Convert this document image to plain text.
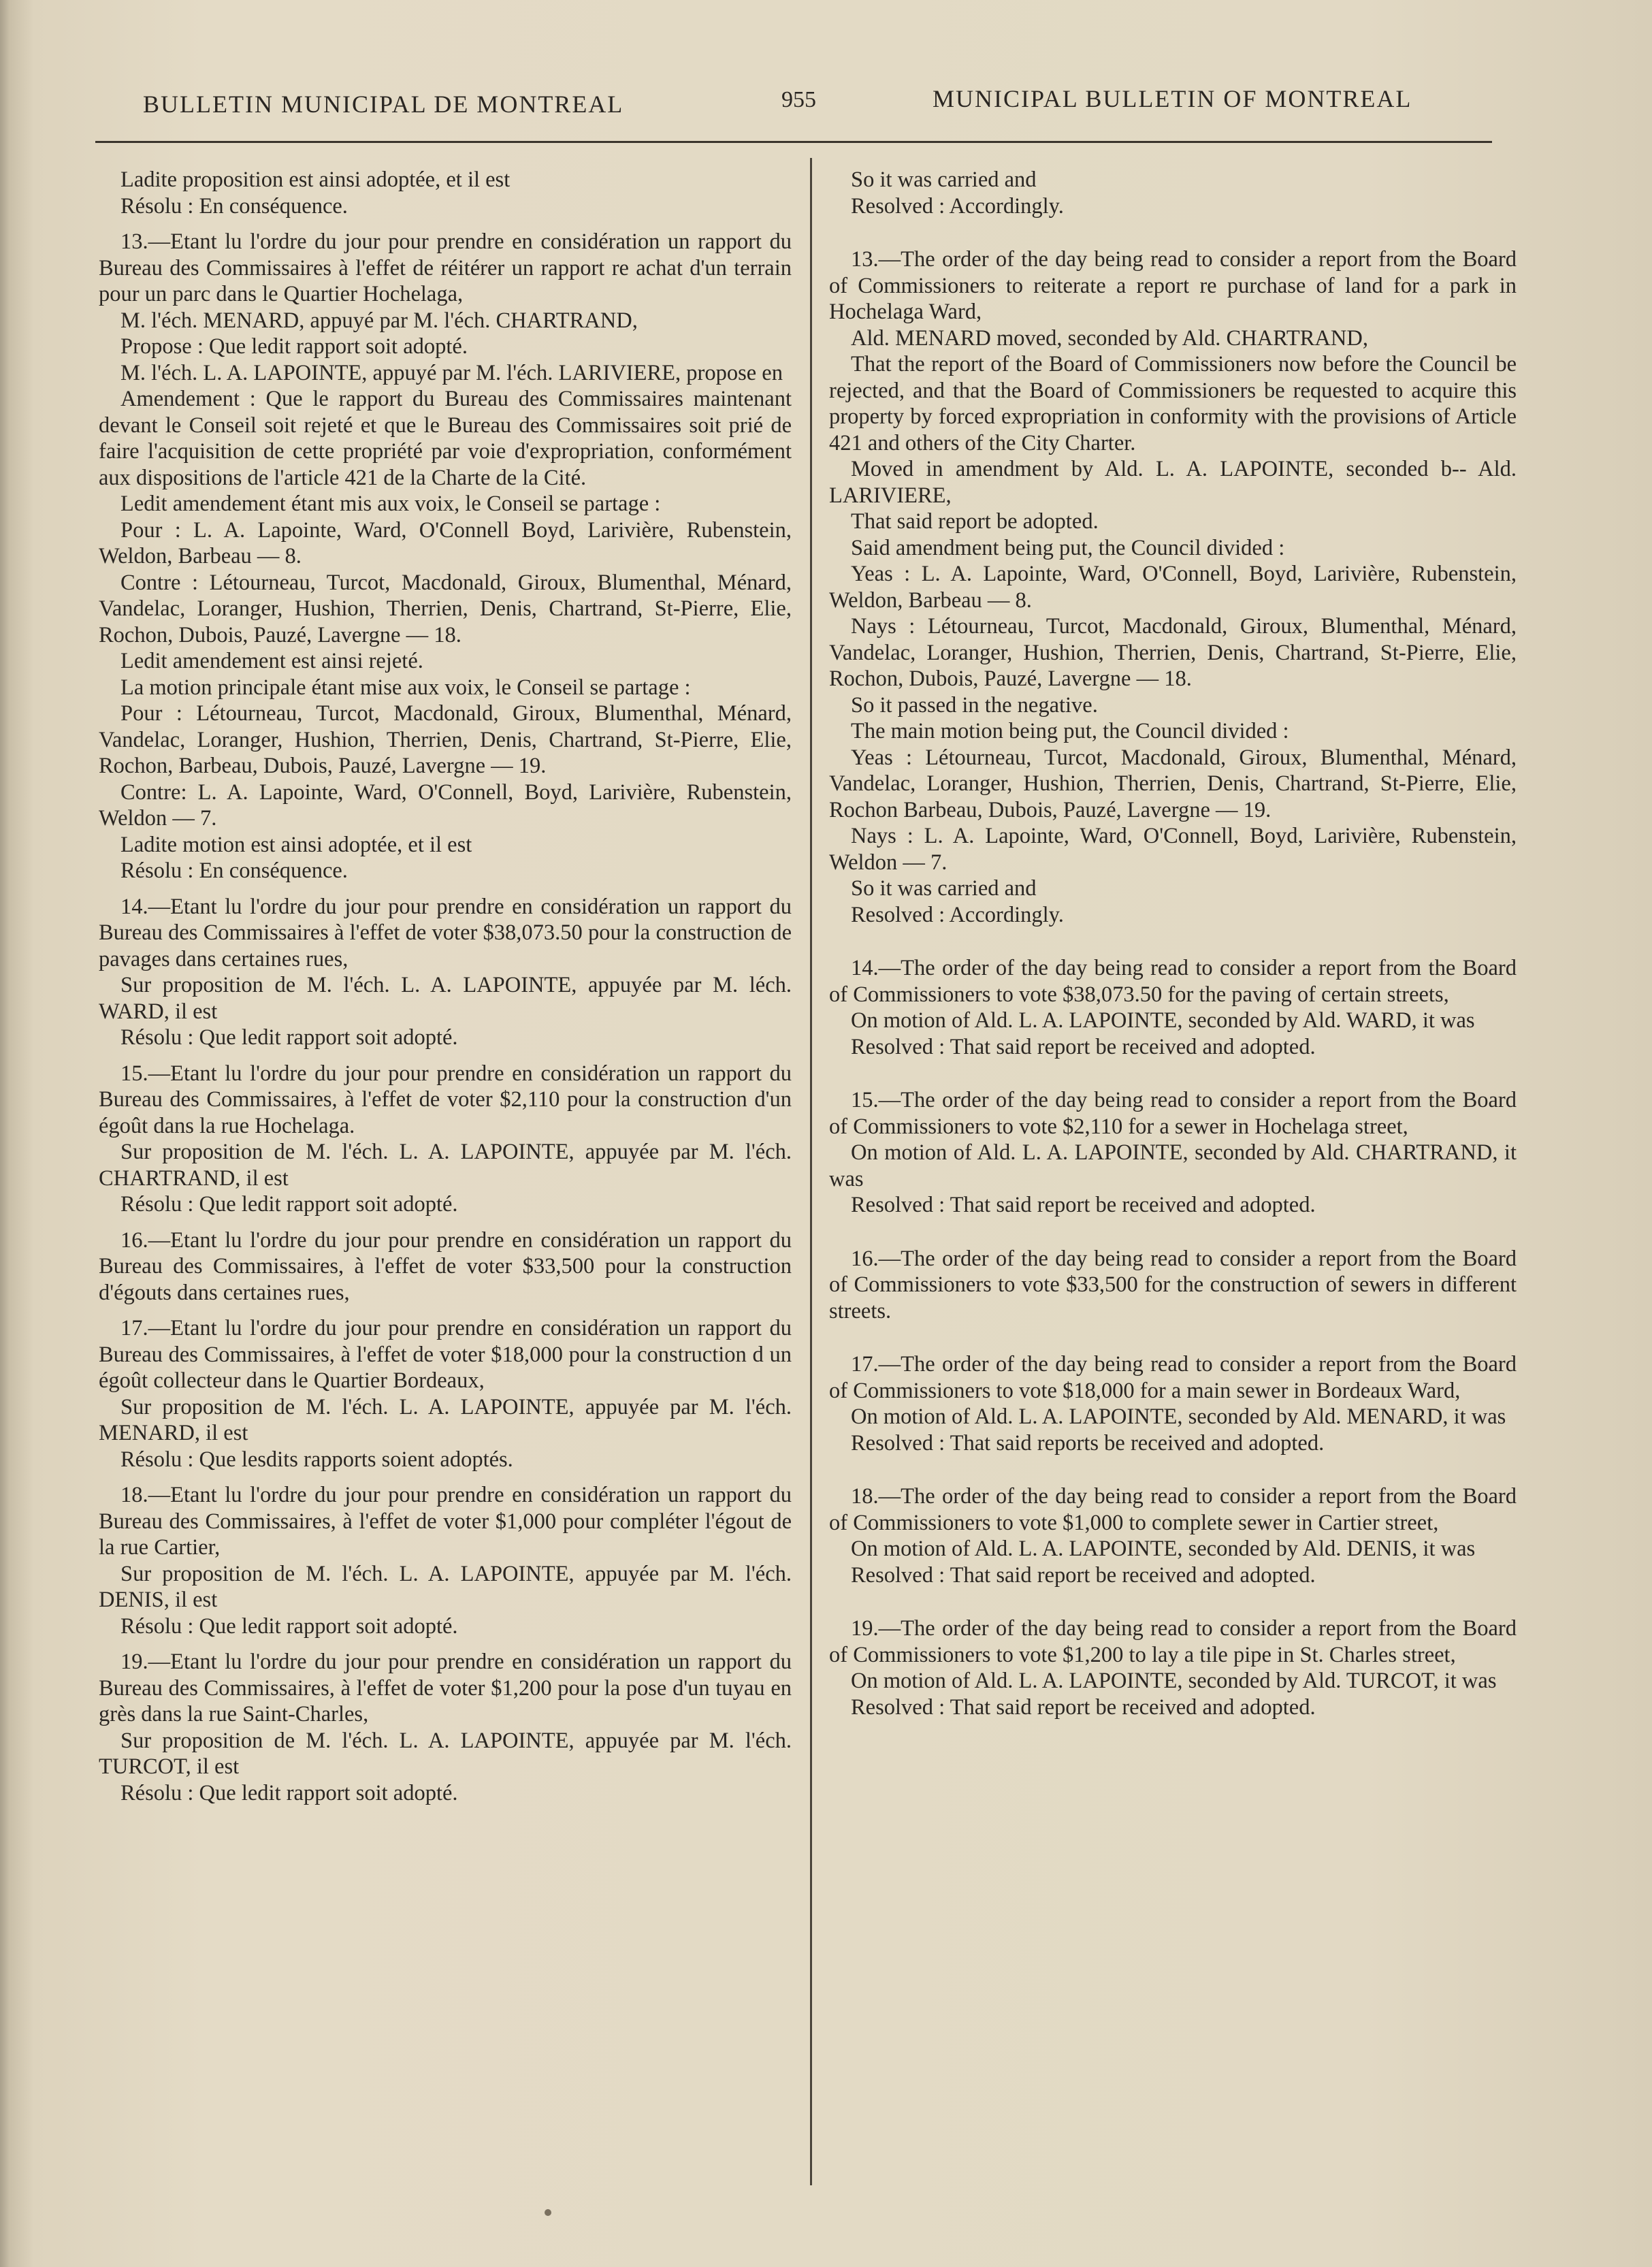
BULLETIN MUNICIPAL DE MONTREAL	955	MUNICIPAL BULLETIN OF MONTREAL

Ladite proposition est ainsi adoptée, et il est

Résolu : En conséquence.

13.—Etant lu l'ordre du jour pour prendre en considération un rapport du Bureau des Commissaires à l'effet de réitérer un rapport re achat d'un terrain pour un parc dans le Quartier Hochelaga,

M. l'éch. MENARD, appuyé par M. l'éch. CHARTRAND,

Propose : Que ledit rapport soit adopté.

M. l'éch. L. A. LAPOINTE, appuyé par M. l'éch. LARIVIERE, propose en

Amendement : Que le rapport du Bureau des Commissaires maintenant devant le Conseil soit rejeté et que le Bureau des Commissaires soit prié de faire l'acquisition de cette propriété par voie d'expropriation, conformément aux dispositions de l'article 421 de la Charte de la Cité.

Ledit amendement étant mis aux voix, le Conseil se partage :

Pour : L. A. Lapointe, Ward, O'Connell Boyd, Larivière, Rubenstein, Weldon, Barbeau — 8.

Contre : Létourneau, Turcot, Macdonald, Giroux, Blumenthal, Ménard, Vandelac, Loranger, Hushion, Therrien, Denis, Chartrand, St-Pierre, Elie, Rochon, Dubois, Pauzé, Lavergne — 18.

Ledit amendement est ainsi rejeté.

La motion principale étant mise aux voix, le Conseil se partage :

Pour : Létourneau, Turcot, Macdonald, Giroux, Blumenthal, Ménard, Vandelac, Loranger, Hushion, Therrien, Denis, Chartrand, St-Pierre, Elie, Rochon, Barbeau, Dubois, Pauzé, Lavergne — 19.

Contre: L. A. Lapointe, Ward, O'Connell, Boyd, Larivière, Rubenstein, Weldon — 7.

Ladite motion est ainsi adoptée, et il est

Résolu : En conséquence.

14.—Etant lu l'ordre du jour pour prendre en considération un rapport du Bureau des Commissaires à l'effet de voter $38,073.50 pour la construction de pavages dans certaines rues,

Sur proposition de M. l'éch. L. A. LAPOINTE, appuyée par M. léch. WARD, il est

Résolu : Que ledit rapport soit adopté.

15.—Etant lu l'ordre du jour pour prendre en considération un rapport du Bureau des Commissaires, à l'effet de voter $2,110 pour la construction d'un égoût dans la rue Hochelaga.

Sur proposition de M. l'éch. L. A. LAPOINTE, appuyée par M. l'éch. CHARTRAND, il est

Résolu : Que ledit rapport soit adopté.

16.—Etant lu l'ordre du jour pour prendre en considération un rapport du Bureau des Commissaires, à l'effet de voter $33,500 pour la construction d'égouts dans certaines rues,

17.—Etant lu l'ordre du jour pour prendre en considération un rapport du Bureau des Commissaires, à l'effet de voter $18,000 pour la construction d un égoût collecteur dans le Quartier Bordeaux,

Sur proposition de M. l'éch. L. A. LAPOINTE, appuyée par M. l'éch. MENARD, il est

Résolu : Que lesdits rapports soient adoptés.

18.—Etant lu l'ordre du jour pour prendre en considération un rapport du Bureau des Commissaires, à l'effet de voter $1,000 pour compléter l'égout de la rue Cartier,

Sur proposition de M. l'éch. L. A. LAPOINTE, appuyée par M. l'éch. DENIS, il est

Résolu : Que ledit rapport soit adopté.

19.—Etant lu l'ordre du jour pour prendre en considération un rapport du Bureau des Commissaires, à l'effet de voter $1,200 pour la pose d'un tuyau en grès dans la rue Saint-Charles,

Sur proposition de M. l'éch. L. A. LAPOINTE, appuyée par M. l'éch. TURCOT, il est

Résolu : Que ledit rapport soit adopté.

So it was carried and

Resolved : Accordingly.

13.—The order of the day being read to consider a report from the Board of Commissioners to reiterate a report re purchase of land for a park in Hochelaga Ward,

Ald. MENARD moved, seconded by Ald. CHARTRAND,

That the report of the Board of Commissioners now before the Council be rejected, and that the Board of Commissioners be requested to acquire this property by forced expropriation in conformity with the provisions of Article 421 and others of the City Charter.

Moved in amendment by Ald. L. A. LAPOINTE, seconded b-- Ald. LARIVIERE,

That said report be adopted.

Said amendment being put, the Council divided :

Yeas : L. A. Lapointe, Ward, O'Connell, Boyd, Larivière, Rubenstein, Weldon, Barbeau — 8.

Nays : Létourneau, Turcot, Macdonald, Giroux, Blumenthal, Ménard, Vandelac, Loranger, Hushion, Therrien, Denis, Chartrand, St-Pierre, Elie, Rochon, Dubois, Pauzé, Lavergne — 18.

So it passed in the negative.

The main motion being put, the Council divided :

Yeas : Létourneau, Turcot, Macdonald, Giroux, Blumenthal, Ménard, Vandelac, Loranger, Hushion, Therrien, Denis, Chartrand, St-Pierre, Elie, Rochon Barbeau, Dubois, Pauzé, Lavergne — 19.

Nays : L. A. Lapointe, Ward, O'Connell, Boyd, Larivière, Rubenstein, Weldon — 7.

So it was carried and

Resolved : Accordingly.

14.—The order of the day being read to consider a report from the Board of Commissioners to vote $38,073.50 for the paving of certain streets,

On motion of Ald. L. A. LAPOINTE, seconded by Ald. WARD, it was

Resolved : That said report be received and adopted.

15.—The order of the day being read to consider a report from the Board of Commissioners to vote $2,110 for a sewer in Hochelaga street,

On motion of Ald. L. A. LAPOINTE, seconded by Ald. CHARTRAND, it was

Resolved : That said report be received and adopted.

16.—The order of the day being read to consider a report from the Board of Commissioners to vote $33,500 for the construction of sewers in different streets.

17.—The order of the day being read to consider a report from the Board of Commissioners to vote $18,000 for a main sewer in Bordeaux Ward,

On motion of Ald. L. A. LAPOINTE, seconded by Ald. MENARD, it was

Resolved : That said reports be received and adopted.

18.—The order of the day being read to consider a report from the Board of Commissioners to vote $1,000 to complete sewer in Cartier street,

On motion of Ald. L. A. LAPOINTE, seconded by Ald. DENIS, it was

Resolved : That said report be received and adopted.

19.—The order of the day being read to consider a report from the Board of Commissioners to vote $1,200 to lay a tile pipe in St. Charles street,

On motion of Ald. L. A. LAPOINTE, seconded by Ald. TURCOT, it was

Resolved : That said report be received and adopted.
